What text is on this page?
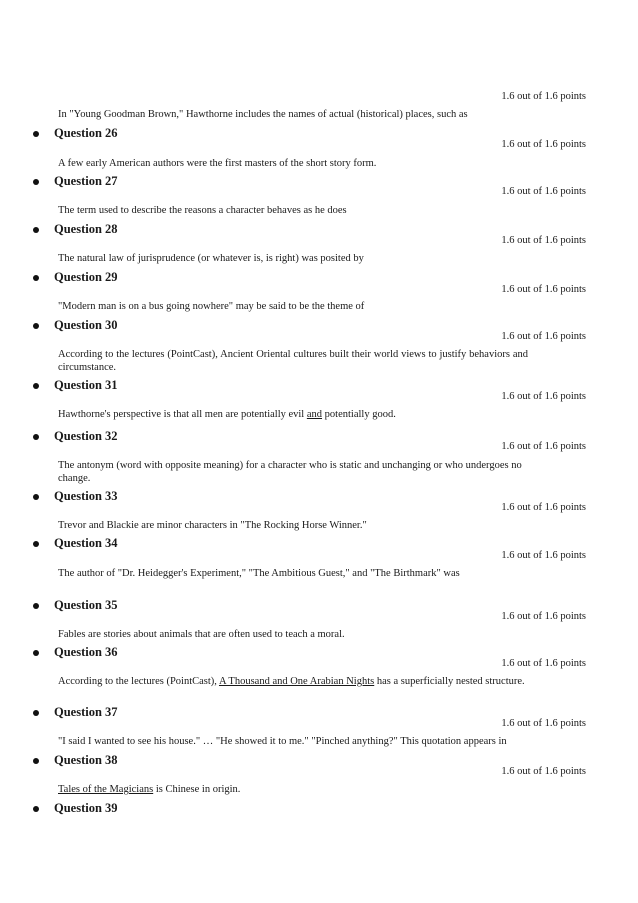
1.6 out of 1.6 points
In "Young Goodman Brown," Hawthorne includes the names of actual (historical) places, such as
Question 26
1.6 out of 1.6 points
A few early American authors were the first masters of the short story form.
Question 27
1.6 out of 1.6 points
The term used to describe the reasons a character behaves as he does
Question 28
1.6 out of 1.6 points
The natural law of jurisprudence (or whatever is, is right) was posited by
Question 29
1.6 out of 1.6 points
"Modern man is on a bus going nowhere" may be said to be the theme of
Question 30
1.6 out of 1.6 points
According to the lectures (PointCast), Ancient Oriental cultures built their world views to justify behaviors and circumstance.
Question 31
1.6 out of 1.6 points
Hawthorne's perspective is that all men are potentially evil and potentially good.
Question 32
1.6 out of 1.6 points
The antonym (word with opposite meaning) for a character who is static and unchanging or who undergoes no change.
Question 33
1.6 out of 1.6 points
Trevor and Blackie are minor characters in "The Rocking Horse Winner."
Question 34
1.6 out of 1.6 points
The author of "Dr. Heidegger's Experiment," "The Ambitious Guest," and "The Birthmark" was
Question 35
1.6 out of 1.6 points
Fables are stories about animals that are often used to teach a moral.
Question 36
1.6 out of 1.6 points
According to the lectures (PointCast), A Thousand and One Arabian Nights has a superficially nested structure.
Question 37
1.6 out of 1.6 points
"I said I wanted to see his house." … "He showed it to me." "Pinched anything?" This quotation appears in
Question 38
1.6 out of 1.6 points
Tales of the Magicians is Chinese in origin.
Question 39
